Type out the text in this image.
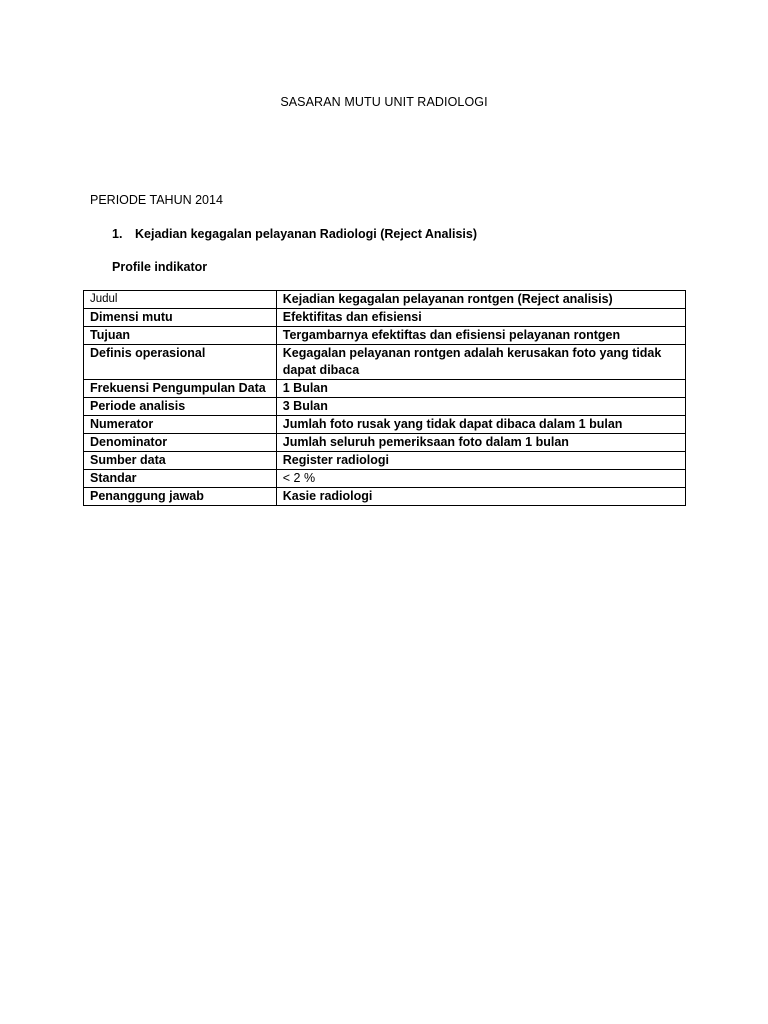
SASARAN MUTU UNIT RADIOLOGI
PERIODE TAHUN 2014
1. Kejadian kegagalan pelayanan Radiologi (Reject Analisis)
Profile indikator
Judul	Kejadian kegagalan pelayanan rontgen (Reject analisis)
Dimensi mutu	Efektifitas dan efisiensi
Tujuan	Tergambarnya efektiftas dan efisiensi pelayanan rontgen
Definis operasional	Kegagalan pelayanan rontgen adalah kerusakan foto yang tidak dapat dibaca
Frekuensi Pengumpulan Data	1 Bulan
Periode analisis	3 Bulan
Numerator	Jumlah foto rusak yang tidak dapat dibaca dalam 1 bulan
Denominator	Jumlah seluruh pemeriksaan foto dalam 1 bulan
Sumber data	Register radiologi
Standar	< 2 %
Penanggung jawab	Kasie radiologi
